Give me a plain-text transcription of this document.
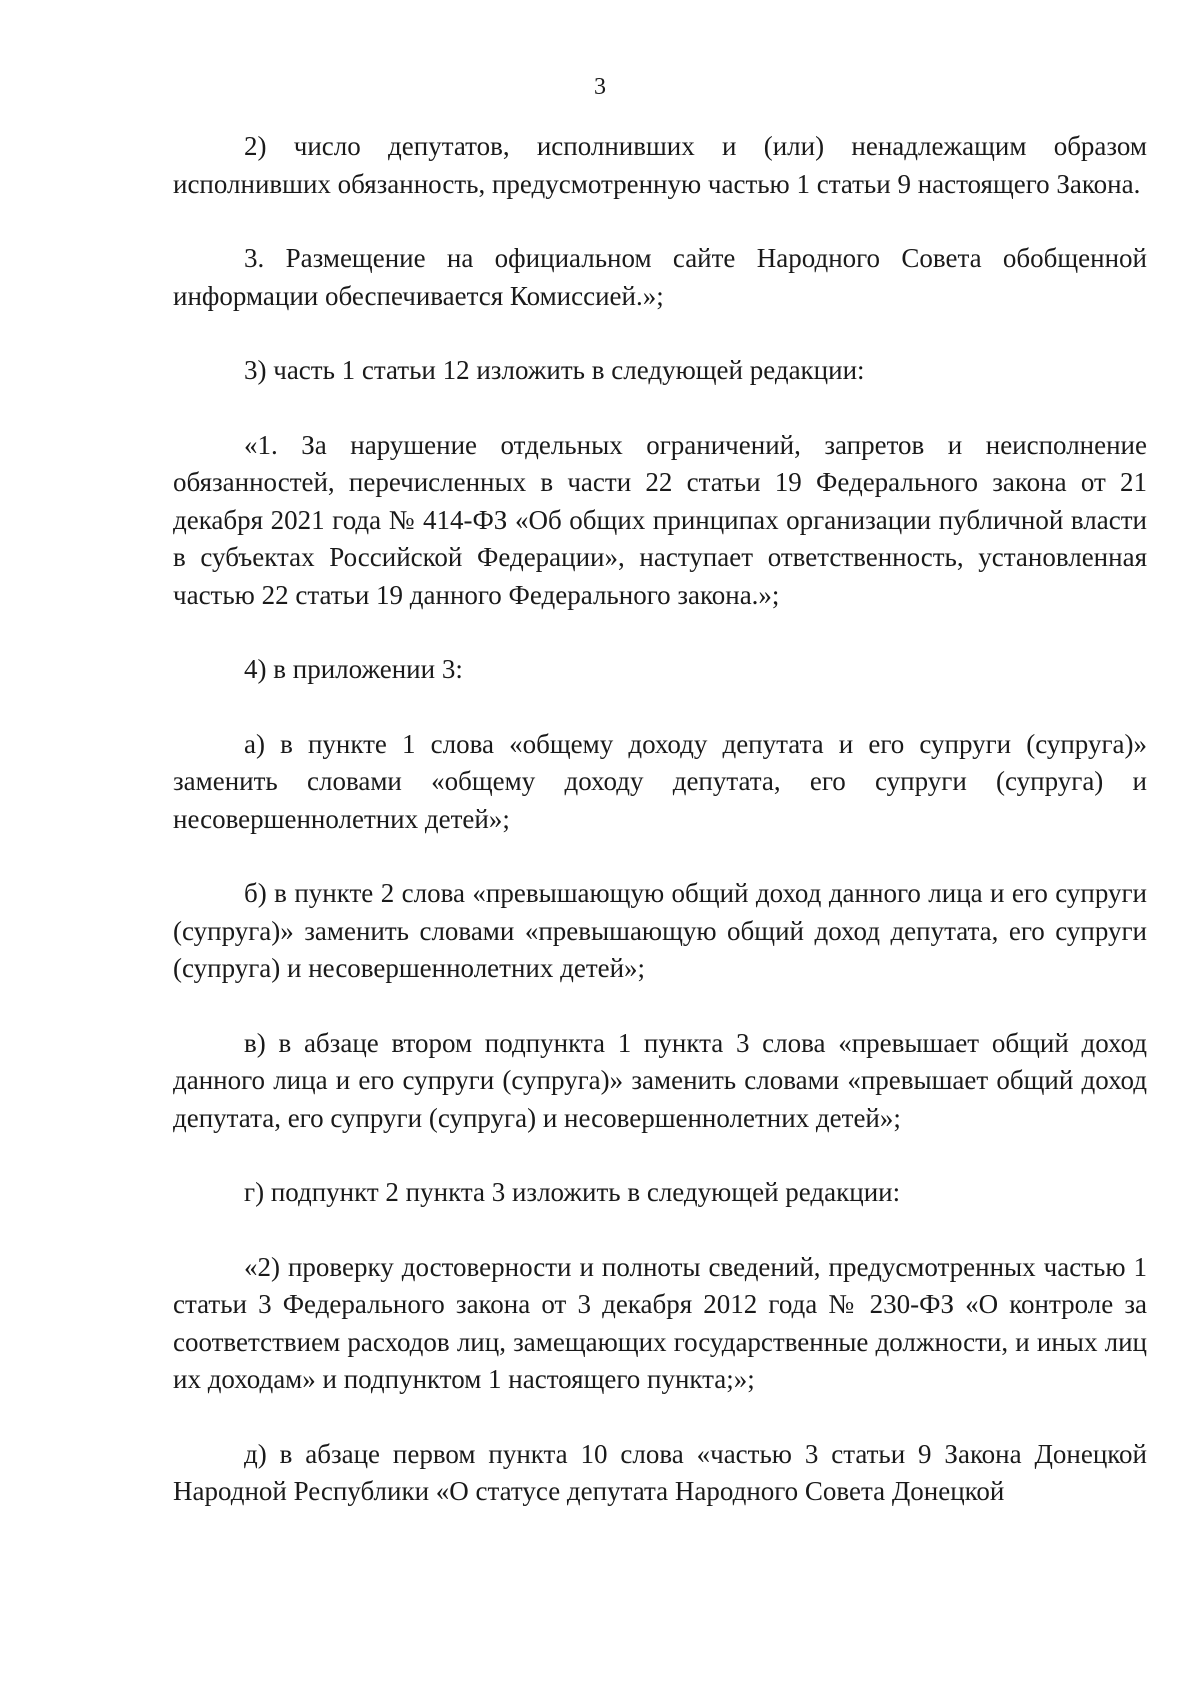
3

2) число депутатов, исполнивших и (или) ненадлежащим образом исполнивших обязанность, предусмотренную частью 1 статьи 9 настоящего Закона.

3. Размещение на официальном сайте Народного Совета обобщенной информации обеспечивается Комиссией.»;

3) часть 1 статьи 12 изложить в следующей редакции:

«1. За нарушение отдельных ограничений, запретов и неисполнение обязанностей, перечисленных в части 22 статьи 19 Федерального закона от 21 декабря 2021 года № 414-ФЗ «Об общих принципах организации публичной власти в субъектах Российской Федерации», наступает ответственность, установленная частью 22 статьи 19 данного Федерального закона.»;

4) в приложении 3:

а) в пункте 1 слова «общему доходу депутата и его супруги (супруга)» заменить словами «общему доходу депутата, его супруги (супруга) и несовершеннолетних детей»;

б) в пункте 2 слова «превышающую общий доход данного лица и его супруги (супруга)» заменить словами «превышающую общий доход депутата, его супруги (супруга) и несовершеннолетних детей»;

в) в абзаце втором подпункта 1 пункта 3 слова «превышает общий доход данного лица и его супруги (супруга)» заменить словами «превышает общий доход депутата, его супруги (супруга) и несовершеннолетних детей»;

г) подпункт 2 пункта 3 изложить в следующей редакции:

«2) проверку достоверности и полноты сведений, предусмотренных частью 1 статьи 3 Федерального закона от 3 декабря 2012 года № 230-ФЗ «О контроле за соответствием расходов лиц, замещающих государственные должности, и иных лиц их доходам» и подпунктом 1 настоящего пункта;»;

д) в абзаце первом пункта 10 слова «частью 3 статьи 9 Закона Донецкой Народной Республики «О статусе депутата Народного Совета Донецкой
